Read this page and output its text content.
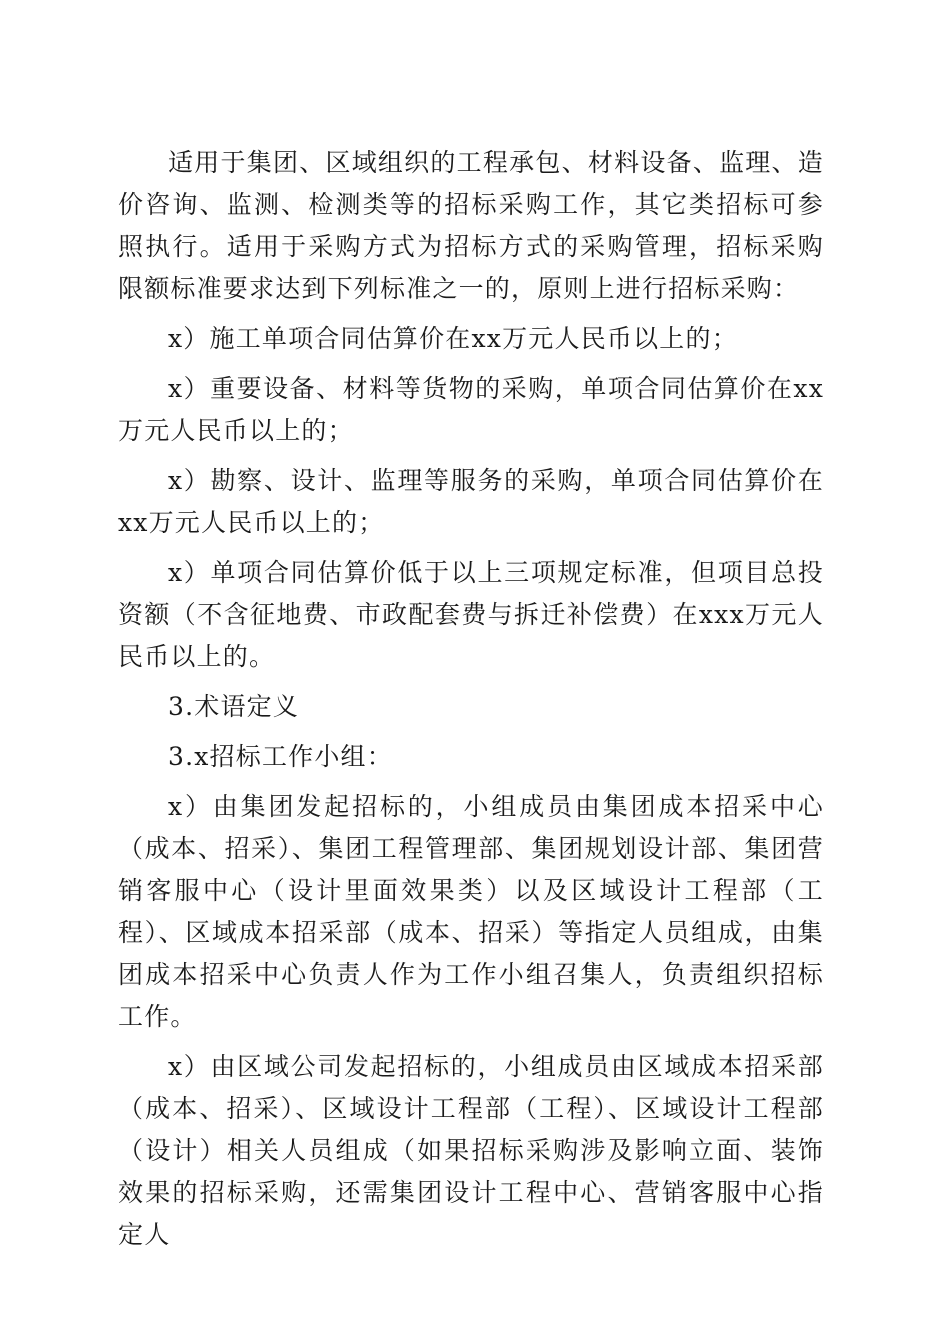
适用于集团、区域组织的工程承包、材料设备、监理、造价咨询、监测、检测类等的招标采购工作，其它类招标可参照执行。适用于采购方式为招标方式的采购管理，招标采购限额标准要求达到下列标准之一的，原则上进行招标采购：

x）施工单项合同估算价在xx万元人民币以上的；

x）重要设备、材料等货物的采购，单项合同估算价在xx万元人民币以上的；

x）勘察、设计、监理等服务的采购，单项合同估算价在xx万元人民币以上的；

x）单项合同估算价低于以上三项规定标准，但项目总投资额（不含征地费、市政配套费与拆迁补偿费）在xxx万元人民币以上的。

3.术语定义

3.x招标工作小组：

x）由集团发起招标的，小组成员由集团成本招采中心（成本、招采）、集团工程管理部、集团规划设计部、集团营销客服中心（设计里面效果类）以及区域设计工程部（工程）、区域成本招采部（成本、招采）等指定人员组成，由集团成本招采中心负责人作为工作小组召集人，负责组织招标工作。

x）由区域公司发起招标的，小组成员由区域成本招采部（成本、招采）、区域设计工程部（工程）、区域设计工程部（设计）相关人员组成（如果招标采购涉及影响立面、装饰效果的招标采购，还需集团设计工程中心、营销客服中心指定人
